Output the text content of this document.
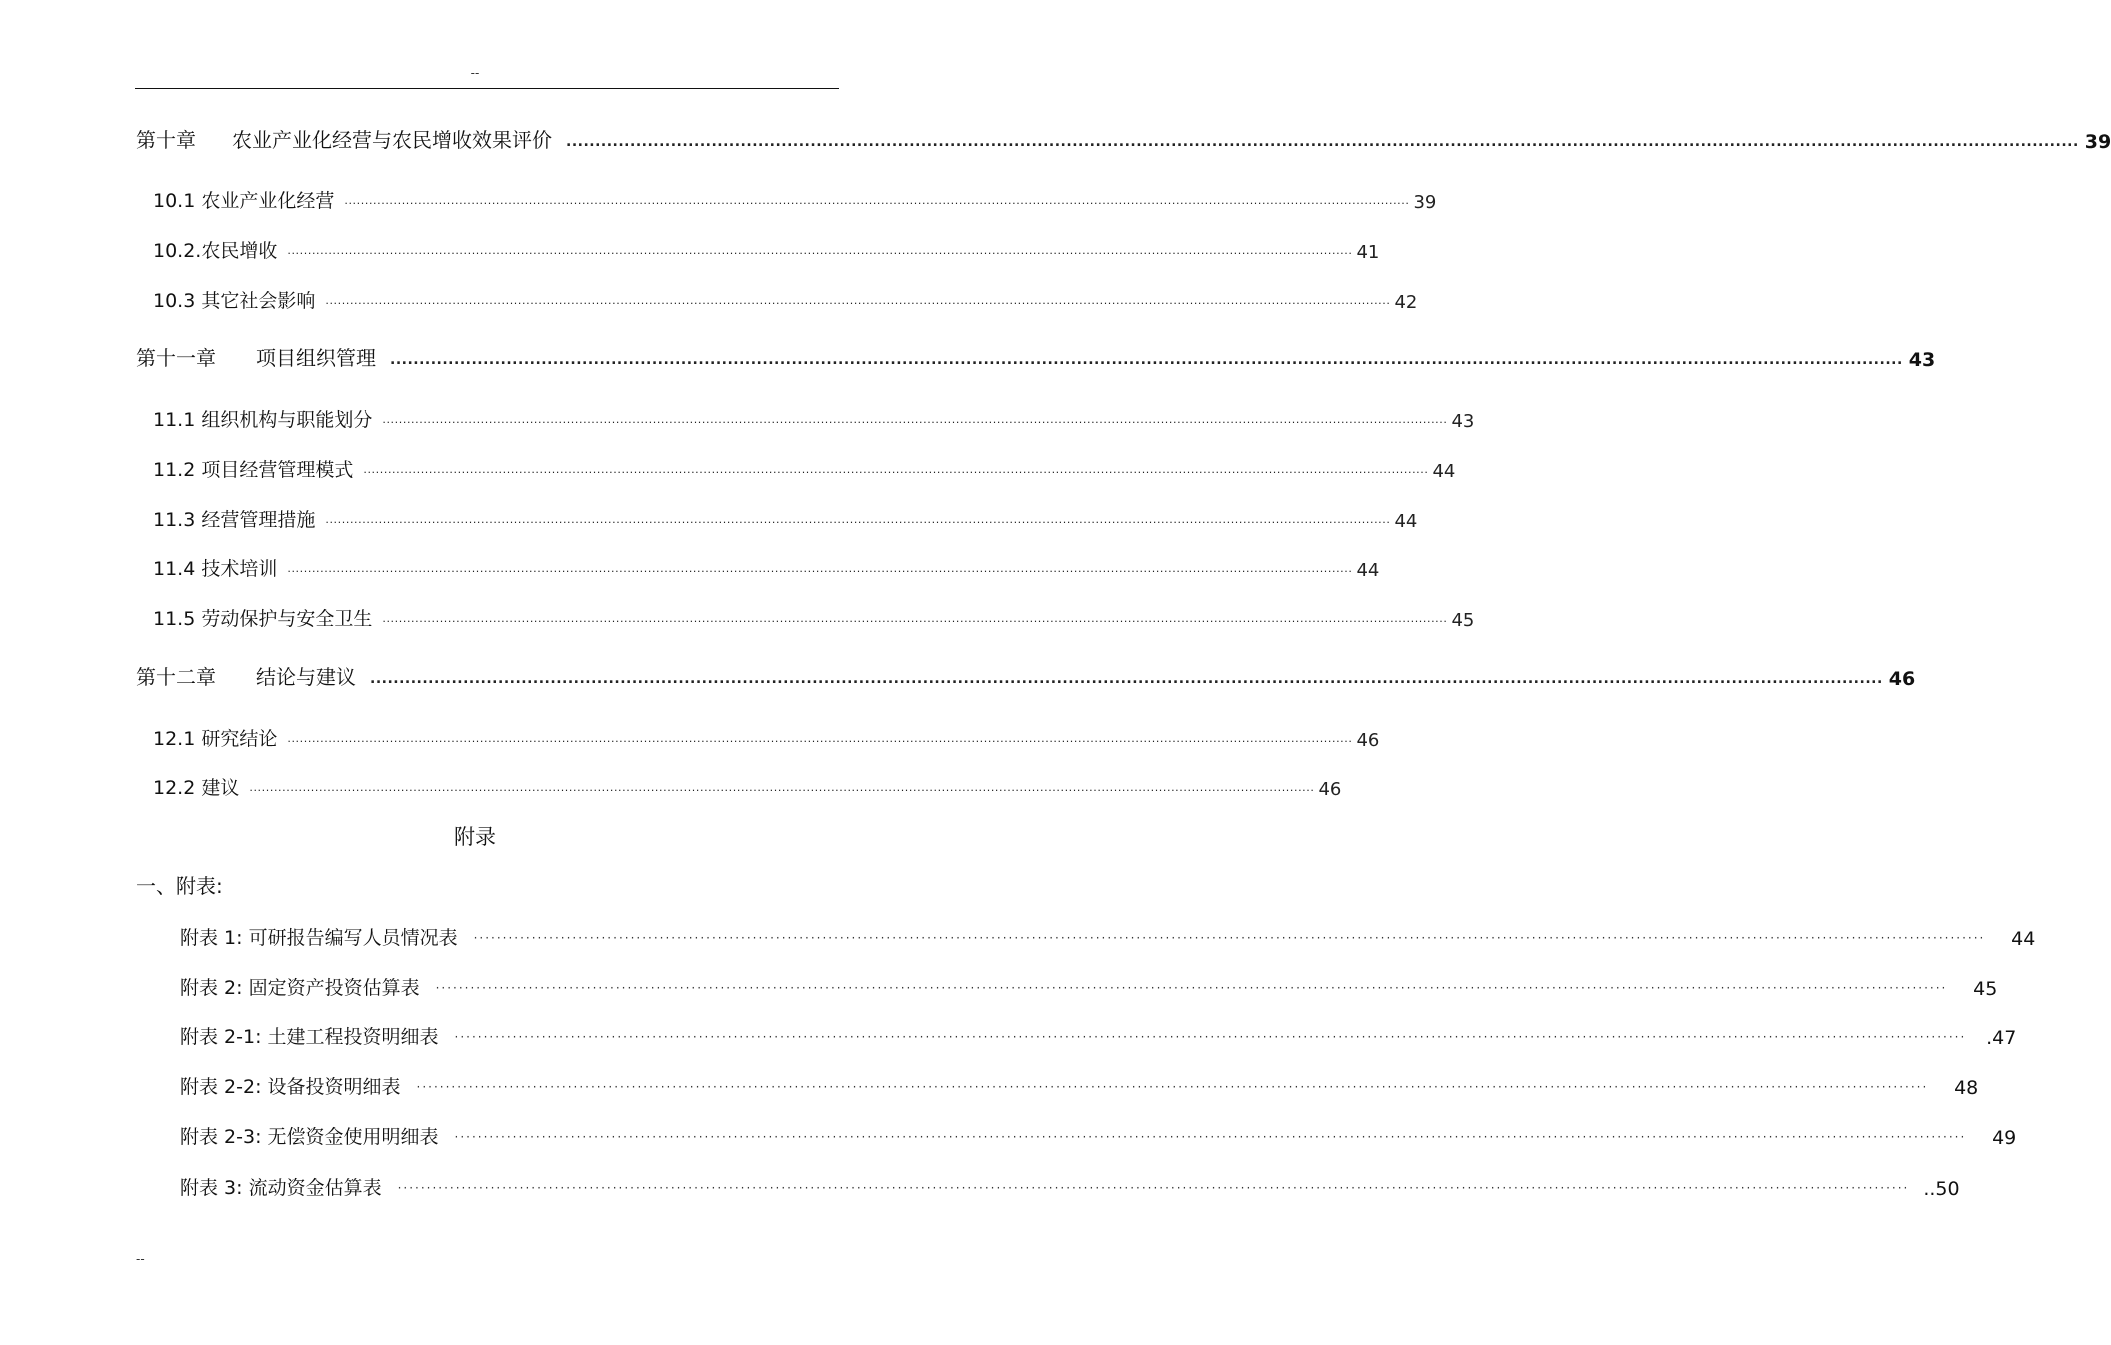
--
第十章 农业产业化经营与农民增收效果评价 .................................................................................................................................................................................................................................................................... 39
10.1 农业产业化经营 .................................................................................................................................................................................................................................................................... 39
10.2.农民增收 .................................................................................................................................................................................................................................................................... 41
10.3 其它社会影响 .................................................................................................................................................................................................................................................................... 42
第十一章 项目组织管理 .................................................................................................................................................................................................................................................................... 43
11.1 组织机构与职能划分 .................................................................................................................................................................................................................................................................... 43
11.2 项目经营管理模式 .................................................................................................................................................................................................................................................................... 44
11.3 经营管理措施 .................................................................................................................................................................................................................................................................... 44
11.4 技术培训 .................................................................................................................................................................................................................................................................... 44
11.5 劳动保护与安全卫生 .................................................................................................................................................................................................................................................................... 45
第十二章 结论与建议 .................................................................................................................................................................................................................................................................... 46
12.1 研究结论 .................................................................................................................................................................................................................................................................... 46
12.2 建议 .................................................................................................................................................................................................................................................................... 46
附录
一、附表:
附表 1: 可研报告编写人员情况表 ····································································································································································································································································	44
附表 2: 固定资产投资估算表 ····································································································································································································································································	45
附表 2-1: 土建工程投资明细表 ····································································································································································································································································	.47
附表 2-2: 设备投资明细表 ····································································································································································································································································	48
附表 2-3: 无偿资金使用明细表 ····································································································································································································································································	49
附表 3: 流动资金估算表 ···································································································································································································································································· ..50
--
